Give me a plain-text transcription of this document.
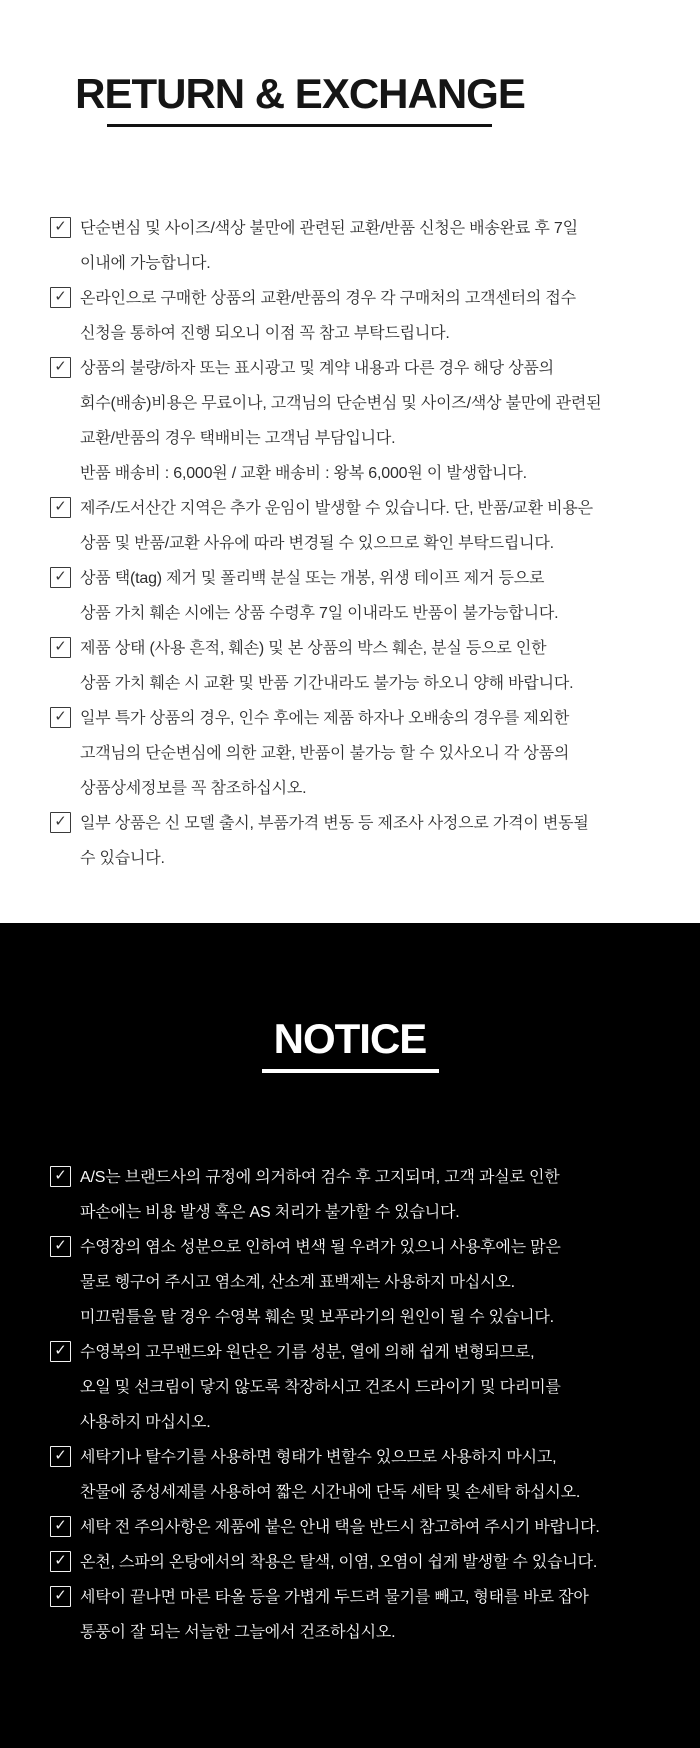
RETURN & EXCHANGE
✓ 단순변심 및 사이즈/색상 불만에 관련된 교환/반품 신청은 배송완료 후 7일
이내에 가능합니다.
✓ 온라인으로 구매한 상품의 교환/반품의 경우 각 구매처의 고객센터의 접수
신청을 통하여 진행 되오니 이점 꼭 참고 부탁드립니다.
✓ 상품의 불량/하자 또는 표시광고 및 계약 내용과 다른 경우 해당 상품의
회수(배송)비용은 무료이나, 고객님의 단순변심 및 사이즈/색상 불만에 관련된
교환/반품의 경우 택배비는 고객님 부담입니다.
반품 배송비 : 6,000원 / 교환 배송비 : 왕복 6,000원 이 발생합니다.
✓ 제주/도서산간 지역은 추가 운임이 발생할 수 있습니다. 단, 반품/교환 비용은
상품 및 반품/교환 사유에 따라 변경될 수 있으므로 확인 부탁드립니다.
✓ 상품 택(tag) 제거 및 폴리백 분실 또는 개봉, 위생 테이프 제거 등으로
상품 가치 훼손 시에는 상품 수령후 7일 이내라도 반품이 불가능합니다.
✓ 제품 상태 (사용 흔적, 훼손) 및 본 상품의 박스 훼손, 분실 등으로 인한
상품 가치 훼손 시 교환 및 반품 기간내라도 불가능 하오니 양해 바랍니다.
✓ 일부 특가 상품의 경우, 인수 후에는 제품 하자나 오배송의 경우를 제외한
고객님의 단순변심에 의한 교환, 반품이 불가능 할 수 있사오니 각 상품의
상품상세정보를 꼭 참조하십시오.
✓ 일부 상품은 신 모델 출시, 부품가격 변동 등 제조사 사정으로 가격이 변동될
수 있습니다.
NOTICE
✓ A/S는 브랜드사의 규정에 의거하여 검수 후 고지되며, 고객 과실로 인한
파손에는 비용 발생 혹은 AS 처리가 불가할 수 있습니다.
✓ 수영장의 염소 성분으로 인하여 변색 될 우려가 있으니 사용후에는 맑은
물로 헹구어 주시고 염소계, 산소계 표백제는 사용하지 마십시오.
미끄럼틀을 탈 경우 수영복 훼손 및 보푸라기의 원인이 될 수 있습니다.
✓ 수영복의 고무밴드와 원단은 기름 성분, 열에 의해 쉽게 변형되므로,
오일 및 선크림이 닿지 않도록 착장하시고 건조시 드라이기 및 다리미를
사용하지 마십시오.
✓ 세탁기나 탈수기를 사용하면 형태가 변할수 있으므로 사용하지 마시고,
찬물에 중성세제를 사용하여 짧은 시간내에 단독 세탁 및 손세탁 하십시오.
✓ 세탁 전 주의사항은 제품에 붙은 안내 택을 반드시 참고하여 주시기 바랍니다.
✓ 온천, 스파의 온탕에서의 착용은 탈색, 이염, 오염이 쉽게 발생할 수 있습니다.
✓ 세탁이 끝나면 마른 타올 등을 가볍게 두드려 물기를 빼고, 형태를 바로 잡아
통풍이 잘 되는 서늘한 그늘에서 건조하십시오.
